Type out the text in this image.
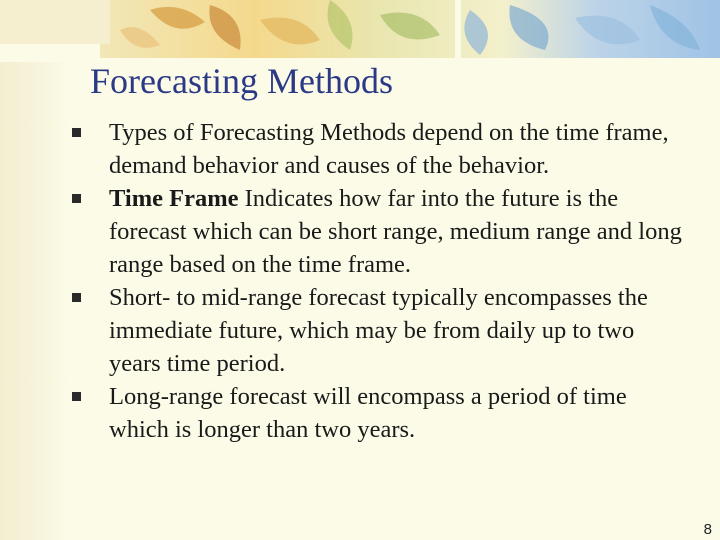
Forecasting Methods
Types of Forecasting Methods depend on the time frame, demand behavior and causes of the behavior.
Time Frame Indicates how far into the future is the forecast which can be short range, medium range and long range based on the time frame.
Short- to mid-range forecast typically encompasses the immediate future, which may be from daily up to two years time period.
Long-range forecast will encompass a period of time which is longer than two years.
8
